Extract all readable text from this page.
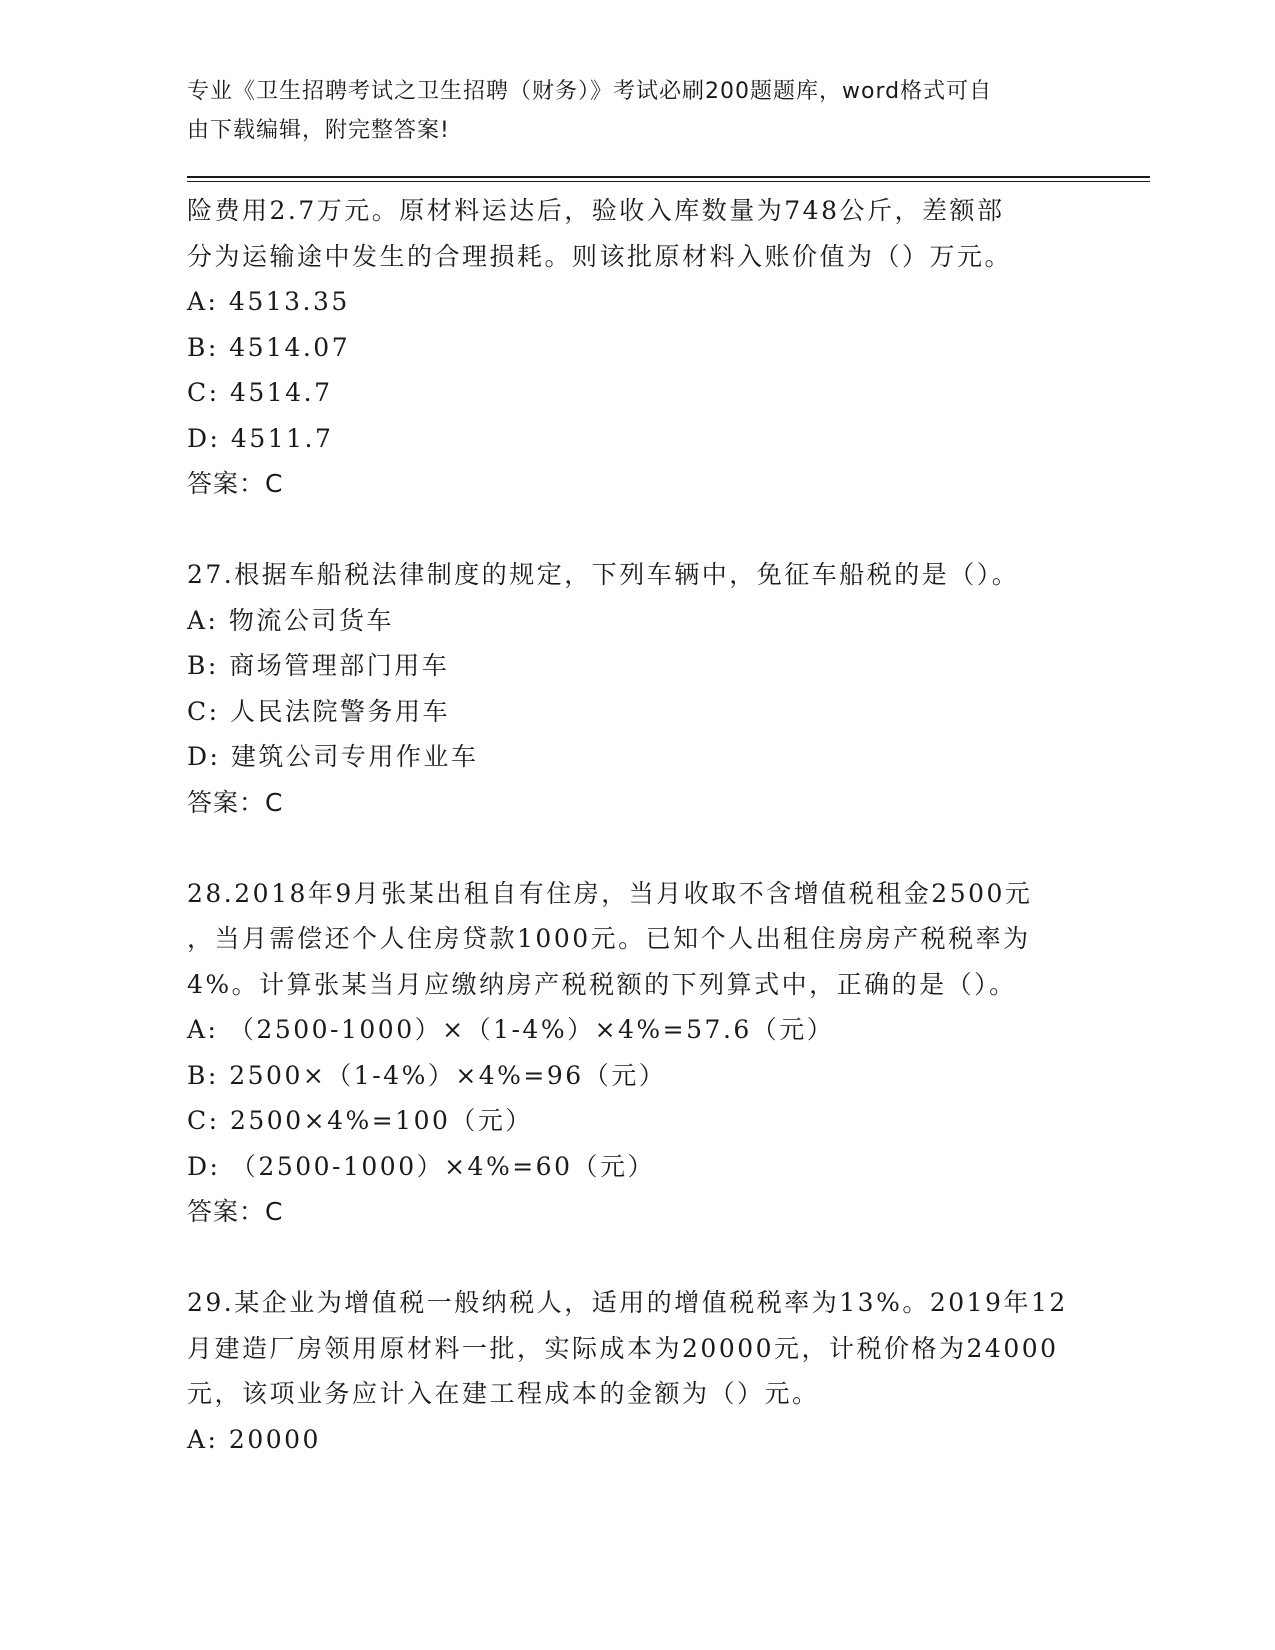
专业《卫生招聘考试之卫生招聘（财务）》考试必刷200题题库，word格式可自
由下载编辑，附完整答案!
险费用2.7万元。原材料运达后，验收入库数量为748公斤，差额部
分为运输途中发生的合理损耗。则该批原材料入账价值为（）万元。
A: 4513.35
B: 4514.07
C: 4514.7
D: 4511.7
答案：C
27.根据车船税法律制度的规定，下列车辆中，免征车船税的是（）。
A: 物流公司货车
B: 商场管理部门用车
C: 人民法院警务用车
D: 建筑公司专用作业车
答案：C
28.2018年9月张某出租自有住房，当月收取不含增值税租金2500元
，当月需偿还个人住房贷款1000元。已知个人出租住房房产税税率为
4%。计算张某当月应缴纳房产税税额的下列算式中，正确的是（）。
A: （2500-1000）×（1-4%）×4%=57.6（元）
B: 2500×（1-4%）×4%=96（元）
C: 2500×4%=100（元）
D: （2500-1000）×4%=60（元）
答案：C
29.某企业为增值税一般纳税人，适用的增值税税率为13%。2019年12
月建造厂房领用原材料一批，实际成本为20000元，计税价格为24000
元，该项业务应计入在建工程成本的金额为（）元。
A: 20000
